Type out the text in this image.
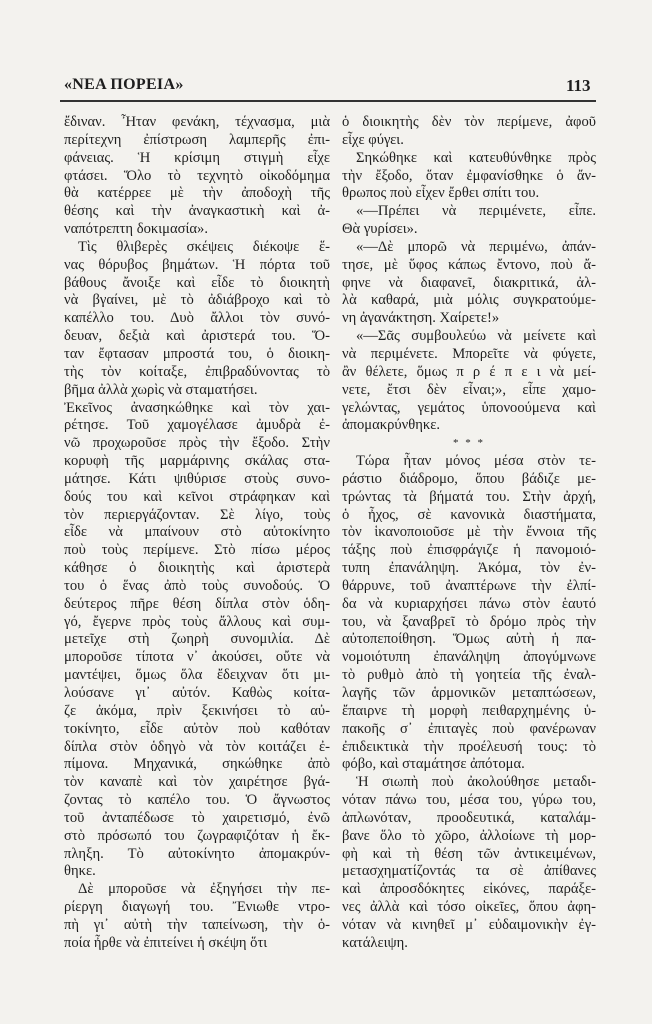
«ΝΕΑ ΠΟΡΕΙΑ»	113
ἔδιναν. Ἦταν φενάκη, τέχνασμα, μιὰ
περίτεχνη ἐπίστρωση λαμπερῆς ἐπι-
φάνειας. Ἡ κρίσιμη στιγμὴ εἶχε
φτάσει. Ὅλο τὸ τεχνητὸ οἰκοδόμημα
θὰ κατέρρεε μὲ τὴν ἀποδοχὴ τῆς
θέσης καὶ τὴν ἀναγκαστικὴ καὶ ἀ-
ναπότρεπτη δοκιμασία».
Τὶς θλιβερὲς σκέψεις διέκοψε ἕ-
νας θόρυβος βημάτων. Ἡ πόρτα τοῦ
βάθους ἄνοιξε καὶ εἶδε τὸ διοικητὴ
νὰ βγαίνει, μὲ τὸ ἀδιάβροχο καὶ τὸ
καπέλλο του. Δυὸ ἄλλοι τὸν συνό-
δευαν, δεξιὰ καὶ ἀριστερά του. Ὅ-
ταν ἔφτασαν μπροστά του, ὁ διοικη-
τὴς τὸν κοίταξε, ἐπιβραδύνοντας τὸ
βῆμα ἀλλὰ χωρὶς νὰ σταματήσει.
Ἐκεῖνος ἀνασηκώθηκε καὶ τὸν χαι-
ρέτησε. Τοῦ χαμογέλασε ἀμυδρὰ ἐ-
νῶ προχωροῦσε πρὸς τὴν ἔξοδο. Στὴν
κορυφὴ τῆς μαρμάρινης σκάλας στα-
μάτησε. Κάτι ψιθύρισε στοὺς συνο-
δούς του καὶ κεῖνοι στράφηκαν καὶ
τὸν περιεργάζονταν. Σὲ λίγο, τοὺς
εἶδε νὰ μπαίνουν στὸ αὐτοκίνητο
ποὺ τοὺς περίμενε. Στὸ πίσω μέρος
κάθησε ὁ διοικητὴς καὶ ἀριστερὰ
του ὁ ἕνας ἀπὸ τοὺς συνοδούς. Ὁ
δεύτερος πῆρε θέση δίπλα στὸν ὁδη-
γό, ἔγερνε πρὸς τοὺς ἄλλους καὶ συμ-
μετεῖχε στὴ ζωηρὴ συνομιλία. Δὲ
μποροῦσε τίποτα ν᾽ ἀκούσει, οὔτε νὰ
μαντέψει, ὅμως ὅλα ἔδειχναν ὅτι μι-
λούσανε γι᾽ αὐτόν. Καθὼς κοίτα-
ζε ἀκόμα, πρὶν ξεκινήσει τὸ αὐ-
τοκίνητο, εἶδε αὐτὸν ποὺ καθόταν
δίπλα στὸν ὁδηγὸ νὰ τὸν κοιτάζει ἐ-
πίμονα. Μηχανικά, σηκώθηκε ἀπὸ
τὸν καναπὲ καὶ τὸν χαιρέτησε βγά-
ζοντας τὸ καπέλο του. Ὁ ἄγνωστος
τοῦ ἀνταπέδωσε τὸ χαιρετισμό, ἐνῶ
στὸ πρόσωπό του ζωγραφιζόταν ἡ ἔκ-
πληξη. Τὸ αὐτοκίνητο ἀπομακρύν-
θηκε.
Δὲ μποροῦσε νὰ ἐξηγήσει τὴν πε-
ρίεργη διαγωγή του. Ἔνιωθε ντρο-
πὴ γι᾽ αὐτὴ τὴν ταπείνωση, τὴν ὁ-
ποία ἦρθε νὰ ἐπιτείνει ἡ σκέψη ὅτι
ὁ διοικητὴς δὲν τὸν περίμενε, ἀφοῦ
εἶχε φύγει.
Σηκώθηκε καὶ κατευθύνθηκε πρὸς
τὴν ἔξοδο, ὅταν ἐμφανίσθηκε ὁ ἄν-
θρωπος ποὺ εἶχεν ἔρθει σπίτι του.
«—Πρέπει νὰ περιμένετε, εἶπε.
Θὰ γυρίσει».
«—Δὲ μπορῶ νὰ περιμένω, ἀπάν-
τησε, μὲ ὕφος κάπως ἔντονο, ποὺ ἄ-
φηνε νὰ διαφανεῖ, διακριτικά, ἀλ-
λὰ καθαρά, μιὰ μόλις συγκρατούμε-
νη ἀγανάκτηση. Χαίρετε!»
«—Σᾶς συμβουλεύω νὰ μείνετε καὶ
νὰ περιμένετε. Μπορεῖτε νὰ φύγετε,
ἂν θέλετε, ὅμως π ρ έ π ε ι νὰ μεί-
νετε, ἔτσι δὲν εἶναι;», εἶπε χαμο-
γελώντας, γεμάτος ὑπονοούμενα καὶ
ἀπομακρύνθηκε.
* * *
Τώρα ἦταν μόνος μέσα στὸν τε-
ράστιο διάδρομο, ὅπου βάδιζε με-
τρώντας τὰ βήματά του. Στὴν ἀρχή,
ὁ ἦχος, σὲ κανονικὰ διαστήματα,
τὸν ἱκανοποιοῦσε μὲ τὴν ἔννοια τῆς
τάξης ποὺ ἐπισφράγιζε ἡ πανομοιό-
τυπη ἐπανάληψη. Ἀκόμα, τὸν ἐν-
θάρρυνε, τοῦ ἀναπτέρωνε τὴν ἐλπί-
δα νὰ κυριαρχήσει πάνω στὸν ἑαυτό
του, νὰ ξαναβρεῖ τὸ δρόμο πρὸς τὴν
αὐτοπεποίθηση. Ὅμως αὐτὴ ἡ πα-
νομοιότυπη ἐπανάληψη ἀπογύμνωνε
τὸ ρυθμὸ ἀπὸ τὴ γοητεία τῆς ἐναλ-
λαγῆς τῶν ἁρμονικῶν μεταπτώσεων,
ἔπαιρνε τὴ μορφὴ πειθαρχημένης ὑ-
πακοῆς σ᾽ ἐπιταγὲς ποὺ φανέρωναν
ἐπιδεικτικὰ τὴν προέλευσή τους: τὸ
φόβο, καὶ σταμάτησε ἀπότομα.
Ἡ σιωπὴ ποὺ ἀκολούθησε μεταδι-
νόταν πάνω του, μέσα του, γύρω του,
ἁπλωνόταν, προοδευτικά, καταλάμ-
βανε ὅλο τὸ χῶρο, ἀλλοίωνε τὴ μορ-
φὴ καὶ τὴ θέση τῶν ἀντικειμένων,
μετασχηματίζοντάς τα σὲ ἀπίθανες
καὶ ἀπροσδόκητες εἰκόνες, παράξε-
νες ἀλλὰ καὶ τόσο οἰκεῖες, ὅπου ἀφη-
νόταν νὰ κινηθεῖ μ᾽ εὐδαιμονικὴν ἐγ-
κατάλειψη.
